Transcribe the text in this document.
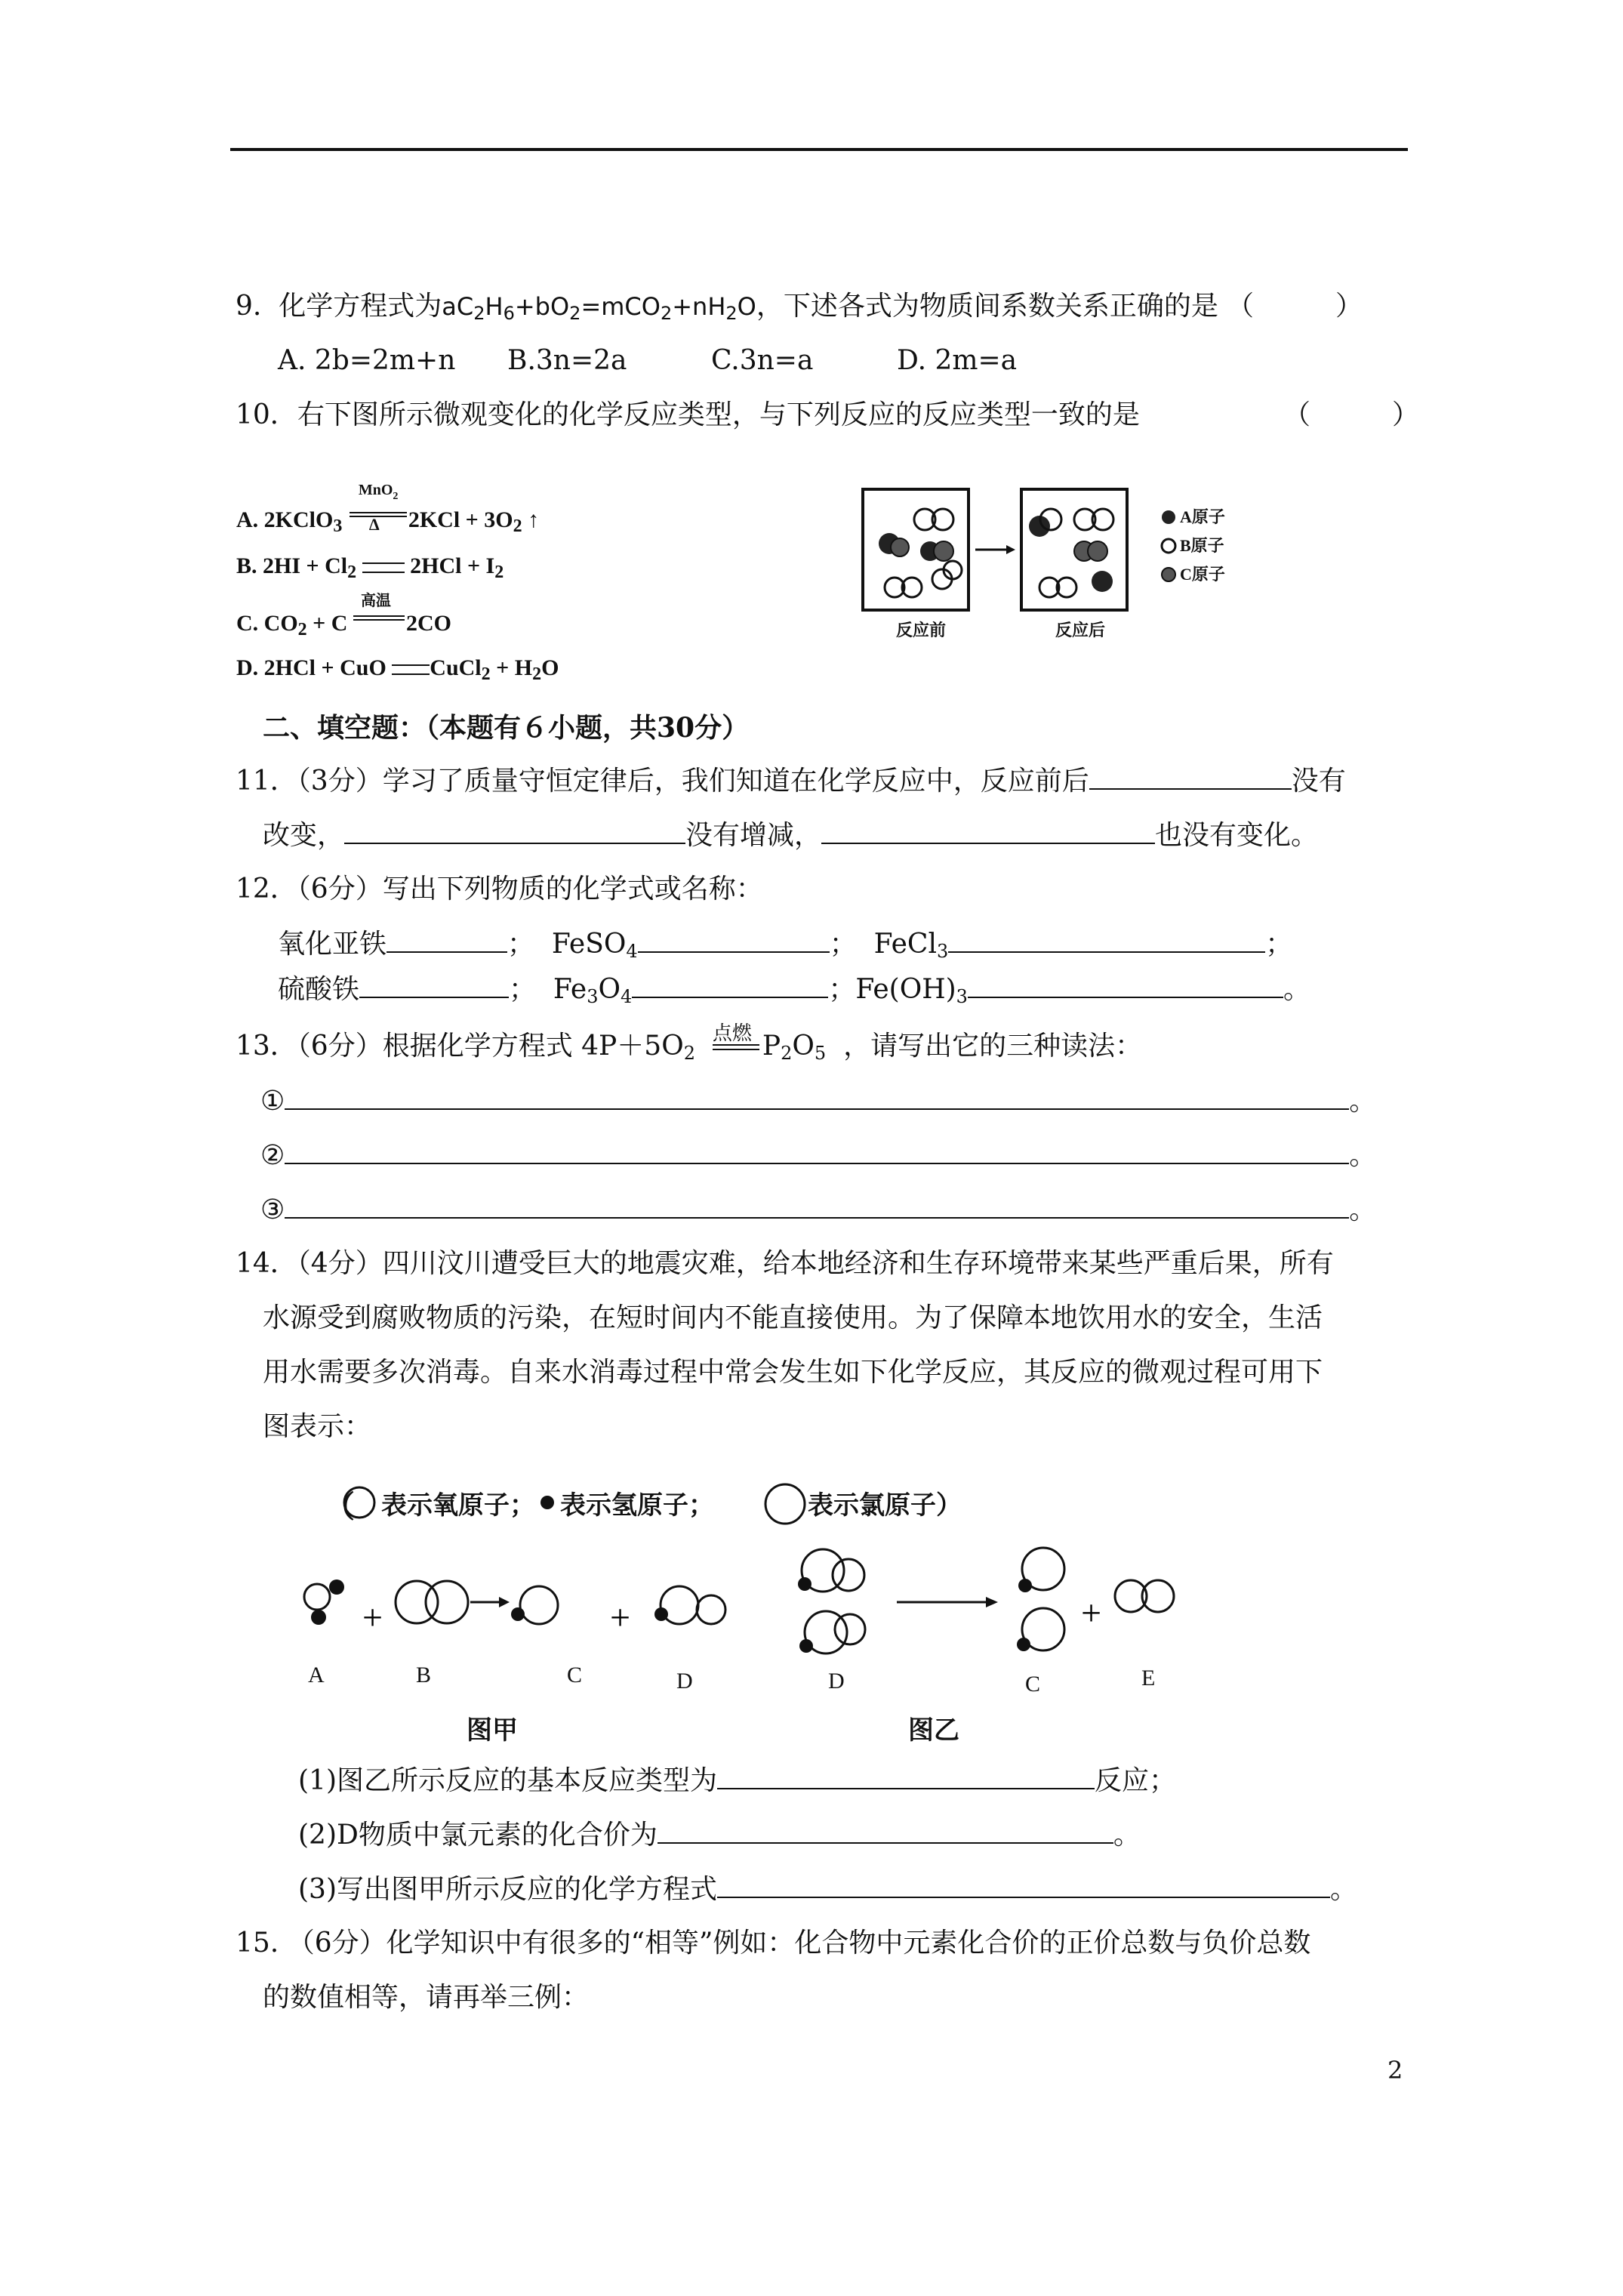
9. 化学方程式为$aC_2H_6+bO_2=mCO_2+nH_2O$，下述各式为物质间系数关系正确的是 （　　　）
A. 2b=2m+n B.3n=2a	C.3n=a	D. 2m=a
10．右下图所示微观变化的化学反应类型，与下列反应的反应类型一致的是	（　　　）
A. 2KClO$_3$
MnO$_2$
Δ $2KCl + 3O_2$ ↑
B. $2HI + Cl_2$ $2HCl + I_2$
C. $CO_2 + C$
高温
2CO
D. 2HCl + CuO CuCl$_2$ + $H_2O$
A原子
B原子
C原子
反应前	反应后
二、填空题：（本题有６小题，共30分）
11．（3分）学习了质量守恒定律后，我们知道在化学反应中，反应前后	没有
改变，	没有增减，	也没有变化。
12．（6分）写出下列物质的化学式或名称：
氧化亚铁	； FeSO$_4$	； FeCl$_3$	；
硫酸铁	； $Fe_3O_4$	；$Fe(OH)_3$	。
13．（6分）根据化学方程式 $4P+5O_2$
点燃 $P_2O_5$ ，请写出它的三种读法：
①	。
②	。
③	。
14．（4分）四川汶川遭受巨大的地震灾难，给本地经济和生存环境带来某些严重后果，所有
水源受到腐败物质的污染，在短时间内不能直接使用。为了保障本地饮用水的安全，生活
用水需要多次消毒。自来水消毒过程中常会发生如下化学反应，其反应的微观过程可用下
图表示：
（ 表示氧原子； 表示氢原子；	表示氯原子）
+	+	+
A	B	C	D	D	C	E
图甲	图乙
(1)图乙所示反应的基本反应类型为	反应；
(2)D物质中氯元素的化合价为	。
(3)写出图甲所示反应的化学方程式	。
15. （6分）化学知识中有很多的“相等”例如：化合物中元素化合价的正价总数与负价总数
的数值相等，请再举三例：
2
